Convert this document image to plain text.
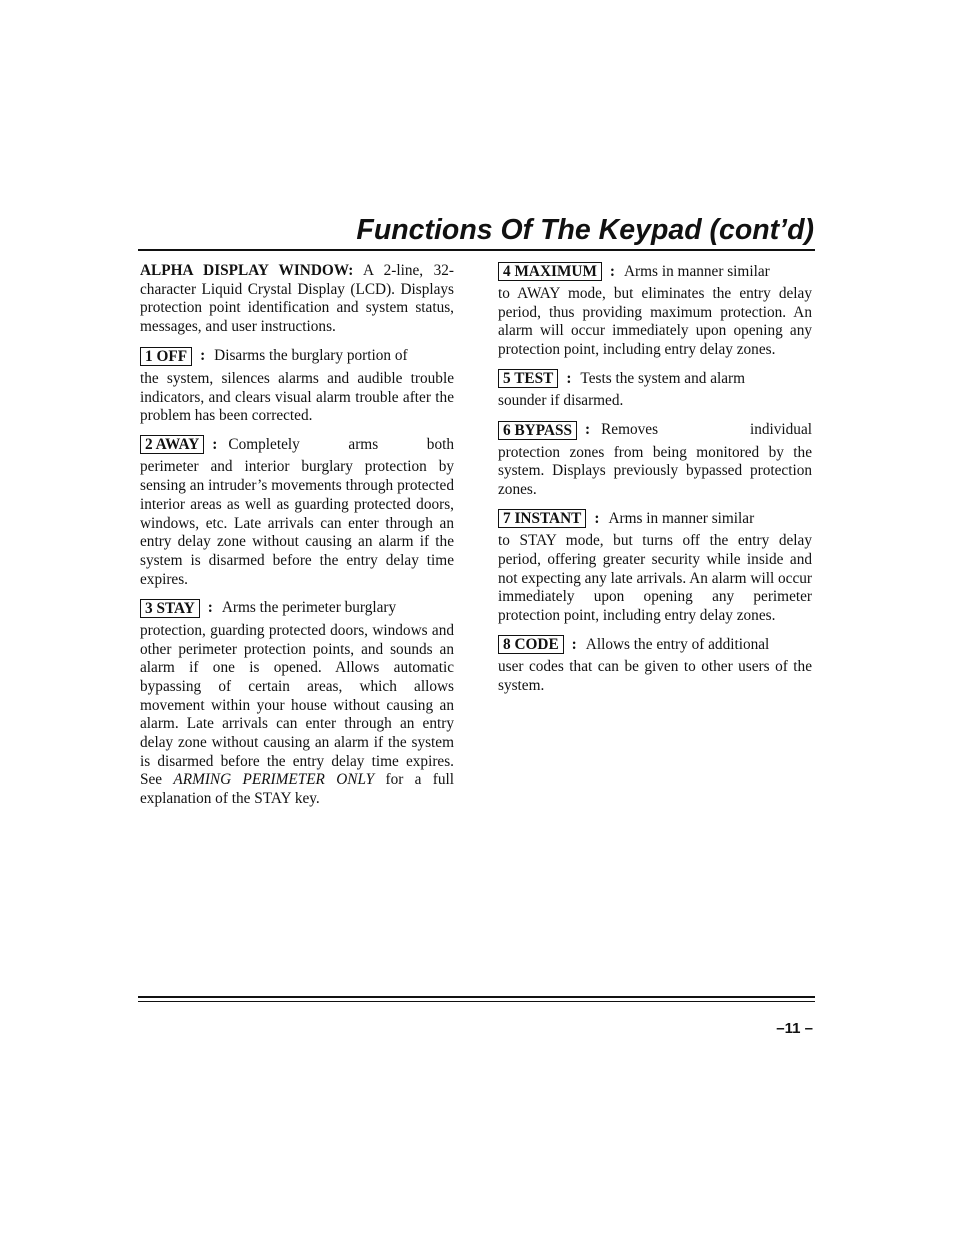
Functions Of The Keypad (cont’d)

ALPHA DISPLAY WINDOW: A 2-line, 32-character Liquid Crystal Display (LCD). Displays protection point identification and system status, messages, and user instructions.

1 OFF : Disarms the burglary portion of

the system, silences alarms and audible trouble indicators, and clears visual alarm trouble after the problem has been corrected.

2 AWAY : Completely arms both

perimeter and interior burglary protection by sensing an intruder’s movements through protected interior areas as well as guarding protected doors, windows, etc. Late arrivals can enter through an entry delay zone without causing an alarm if the system is disarmed before the entry delay time expires.

3 STAY : Arms the perimeter burglary

protection, guarding protected doors, windows and other perimeter protection points, and sounds an alarm if one is opened. Allows automatic bypassing of certain areas, which allows movement within your house without causing an alarm. Late arrivals can enter through an entry delay zone without causing an alarm if the system is disarmed before the entry delay time expires. See ARMING PERIMETER ONLY for a full explanation of the STAY key.

4 MAXIMUM : Arms in manner similar

to AWAY mode, but eliminates the entry delay period, thus providing maximum protection. An alarm will occur immediately upon opening any protection point, including entry delay zones.

5 TEST : Tests the system and alarm

sounder if disarmed.

6 BYPASS : Removes individual

protection zones from being monitored by the system. Displays previously bypassed protection zones.

7 INSTANT : Arms in manner similar

to STAY mode, but turns off the entry delay period, offering greater security while inside and not expecting any late arrivals. An alarm will occur immediately upon opening any perimeter protection point, including entry delay zones.

8 CODE : Allows the entry of additional

user codes that can be given to other users of the system.

–11 –
